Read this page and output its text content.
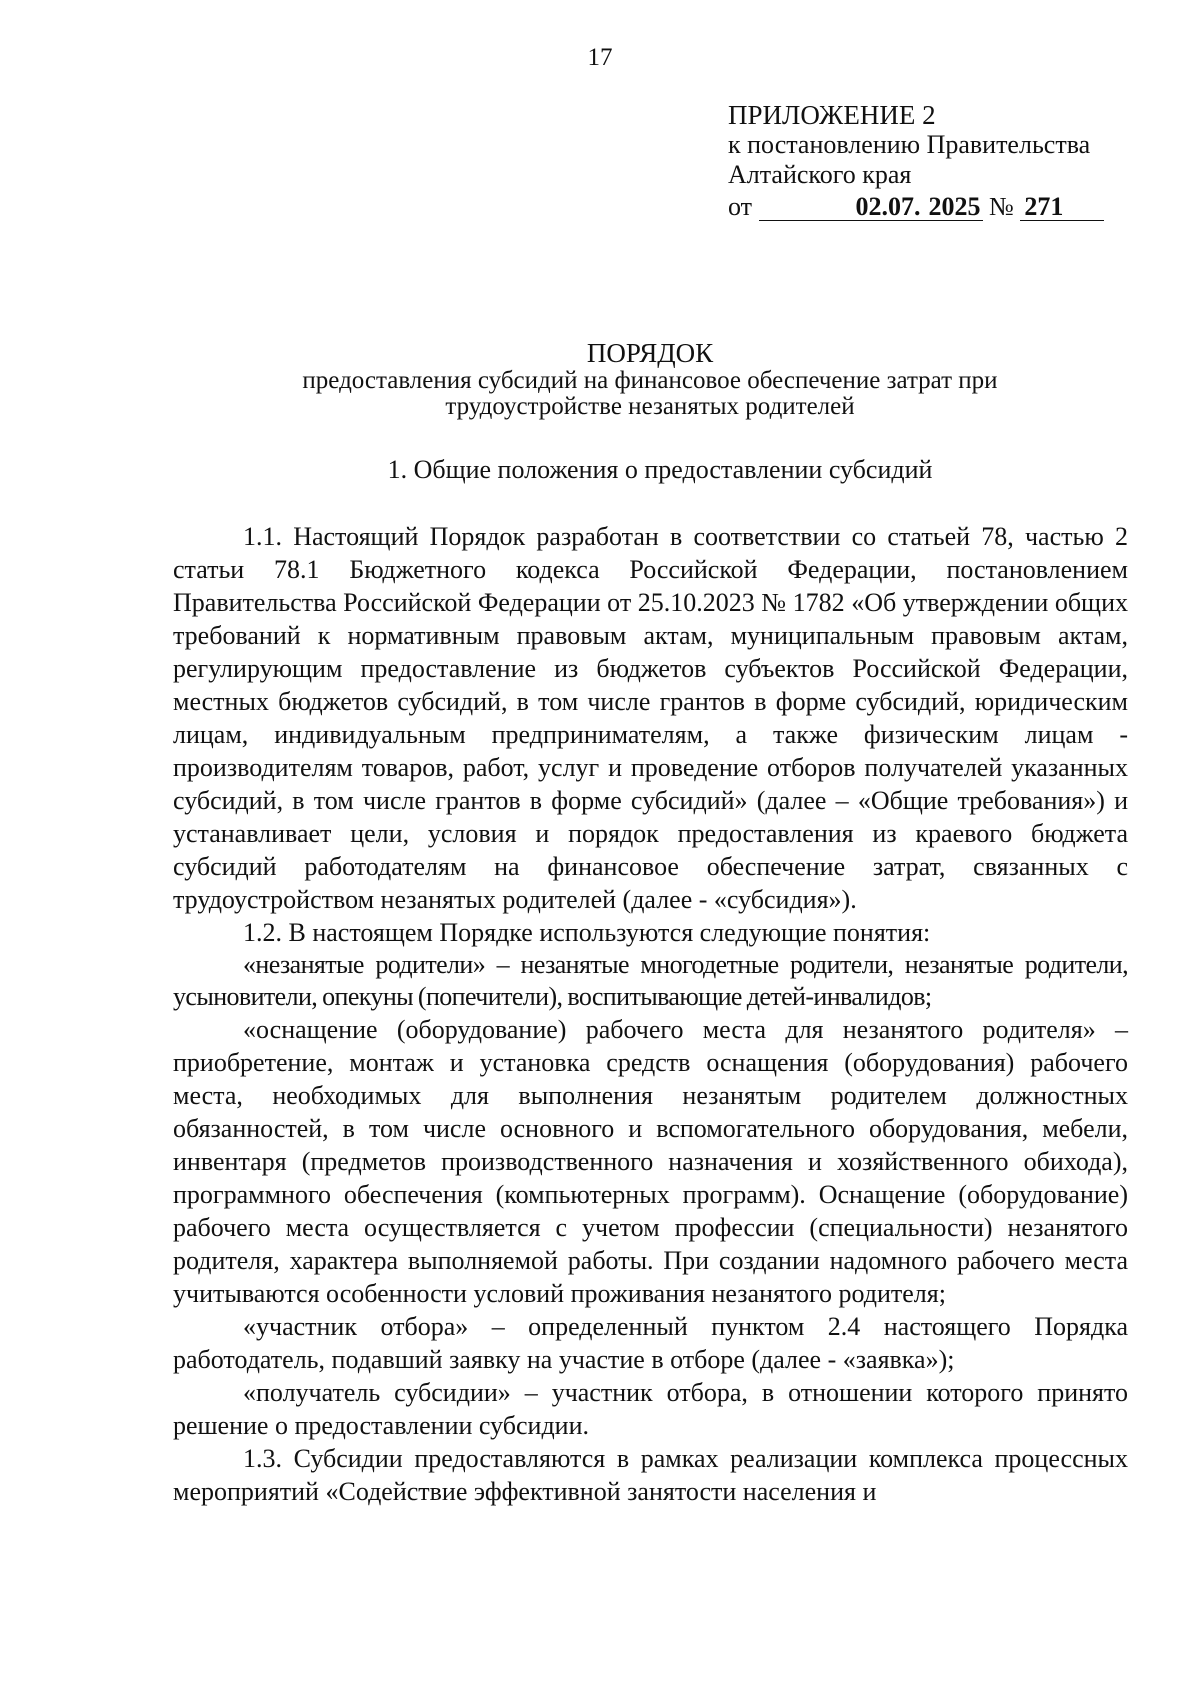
17
ПРИЛОЖЕНИЕ 2
к постановлению Правительства
Алтайского края
от	02.07. 2025 № 271
ПОРЯДОК
предоставления субсидий на финансовое обеспечение затрат при
трудоустройстве незанятых родителей
1. Общие положения о предоставлении субсидий

1.1. Настоящий Порядок разработан в соответствии со статьей 78, частью 2 статьи 78.1 Бюджетного кодекса Российской Федерации, постановлением Правительства Российской Федерации от 25.10.2023 № 1782 «Об утверждении общих требований к нормативным правовым актам, муниципальным правовым актам, регулирующим предоставление из бюджетов субъектов Российской Федерации, местных бюджетов субсидий, в том числе грантов в форме субсидий, юридическим лицам, индивидуальным предпринимателям, а также физическим лицам - производителям товаров, работ, услуг и проведение отборов получателей указанных субсидий, в том числе грантов в форме субсидий» (далее – «Общие требования») и устанавливает цели, условия и порядок предоставления из краевого бюджета субсидий работодателям на финансовое обеспечение затрат, связанных с трудоустройством незанятых родителей (далее - «субсидия»).

1.2. В настоящем Порядке используются следующие понятия:

«незанятые родители» – незанятые многодетные родители, незанятые родители, усыновители, опекуны (попечители), воспитывающие детей-инвалидов;

«оснащение (оборудование) рабочего места для незанятого родителя» – приобретение, монтаж и установка средств оснащения (оборудования) рабочего места, необходимых для выполнения незанятым родителем должностных обязанностей, в том числе основного и вспомогательного оборудования, мебели, инвентаря (предметов производственного назначения и хозяйственного обихода), программного обеспечения (компьютерных программ). Оснащение (оборудование) рабочего места осуществляется с учетом профессии (специальности) незанятого родителя, характера выполняемой работы. При создании надомного рабочего места учитываются особенности условий проживания незанятого родителя;

«участник отбора» – определенный пунктом 2.4 настоящего Порядка работодатель, подавший заявку на участие в отборе (далее - «заявка»);

«получатель субсидии» – участник отбора, в отношении которого принято решение о предоставлении субсидии.

1.3. Субсидии предоставляются в рамках реализации комплекса процессных мероприятий «Содействие эффективной занятости населения и
